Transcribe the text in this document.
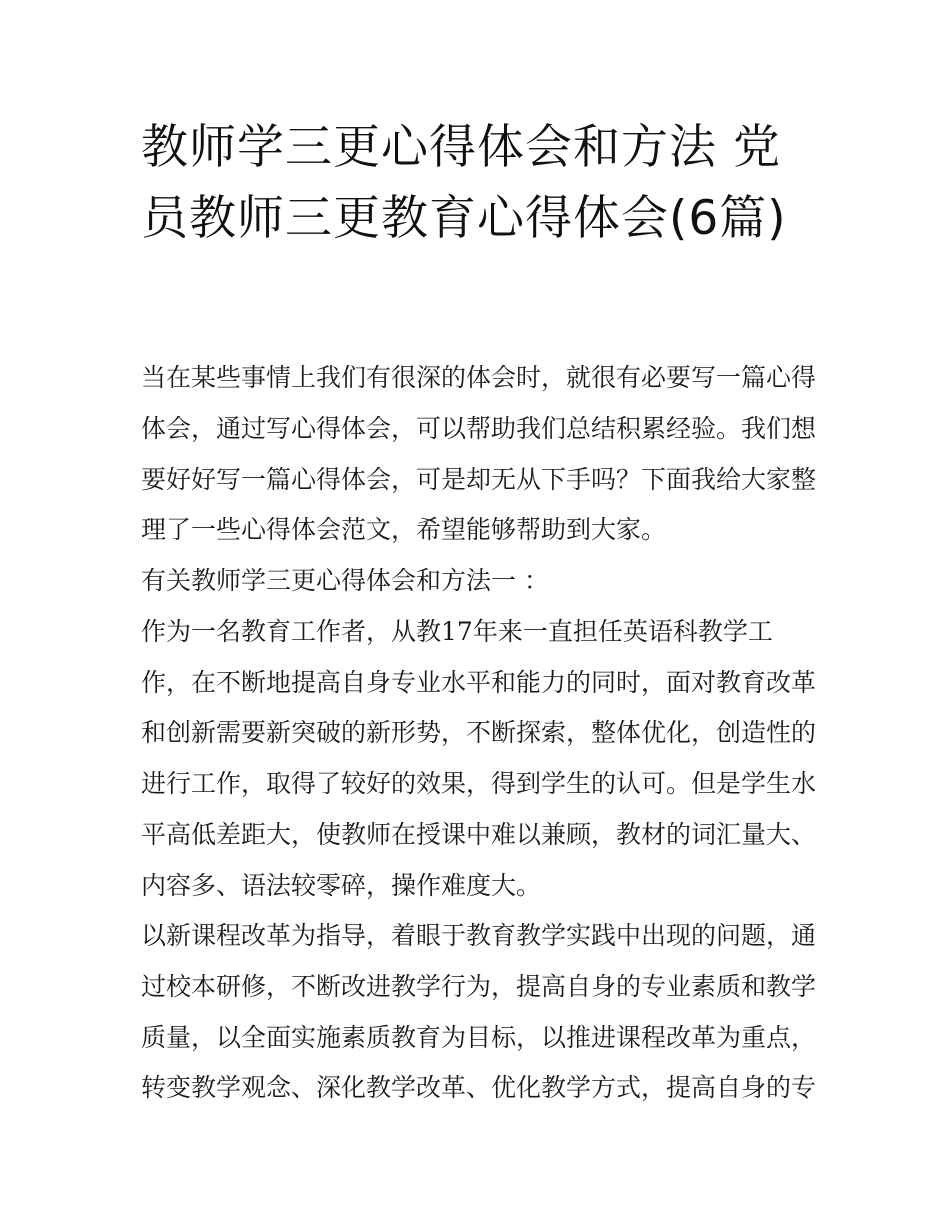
教师学三更心得体会和方法 党员教师三更教育心得体会(6篇)

当在某些事情上我们有很深的体会时，就很有必要写一篇心得

体会，通过写心得体会，可以帮助我们总结积累经验。我们想

要好好写一篇心得体会，可是却无从下手吗？下面我给大家整

理了一些心得体会范文，希望能够帮助到大家。

有关教师学三更心得体会和方法一 ：

作为一名教育工作者，从教17年来一直担任英语科教学工

作，在不断地提高自身专业水平和能力的同时，面对教育改革

和创新需要新突破的新形势，不断探索，整体优化，创造性的

进行工作，取得了较好的效果，得到学生的认可。但是学生水

平高低差距大，使教师在授课中难以兼顾，教材的词汇量大、

内容多、语法较零碎，操作难度大。

以新课程改革为指导，着眼于教育教学实践中出现的问题，通

过校本研修，不断改进教学行为，提高自身的专业素质和教学

质量，以全面实施素质教育为目标，以推进课程改革为重点，

转变教学观念、深化教学改革、优化教学方式，提高自身的专
